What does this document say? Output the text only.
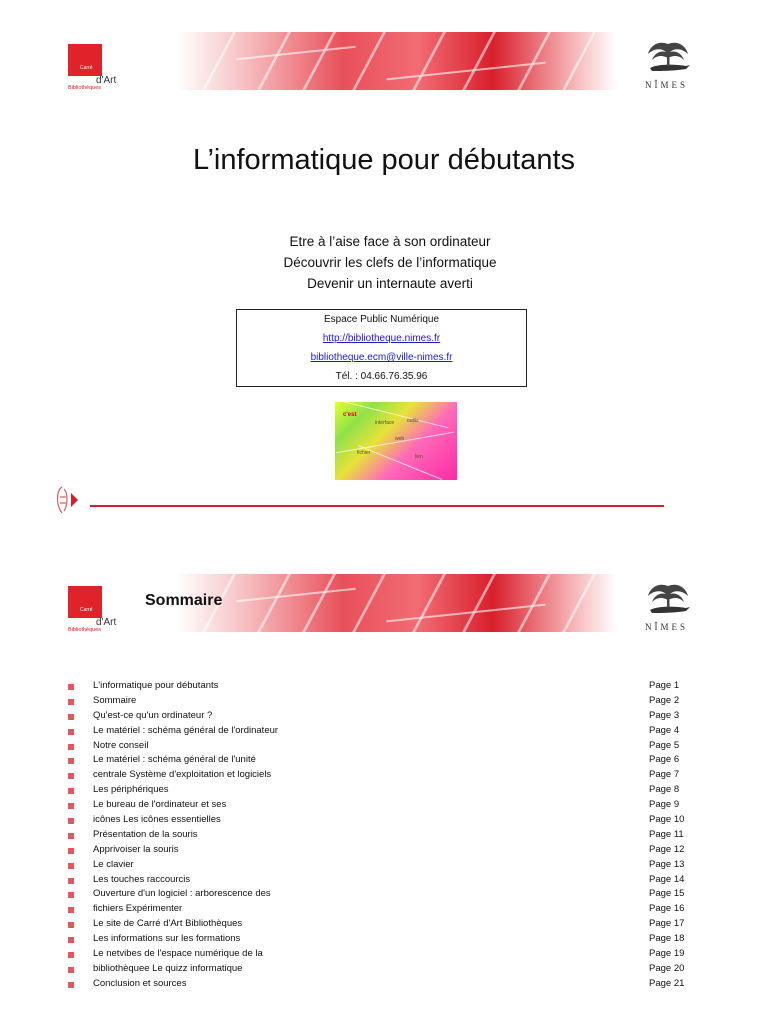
Carré
d'Art
Bibliothèques	NÎMES
L’informatique pour débutants
Etre à l’aise face à son ordinateur
Découvrir les clefs de l’informatique
Devenir un internaute averti
Espace Public Numérique
http://bibliotheque.nimes.fr
bibliotheque.ecm@ville-nimes.fr
Tél. : 04.66.76.35.96
c'est
interface	outils
web
fichier
lien
Carré
d'Art
Bibliothèques
Sommaire
NÎMES
L'informatique pour débutants	Page 1
Sommaire	Page 2
Qu'est-ce qu'un ordinateur ?	Page 3
Le matériel : schéma général de l'ordinateur	Page 4
Notre conseil	Page 5
Le matériel : schéma général de l'unité	Page 6
centrale Système d'exploitation et logiciels	Page 7
Les périphériques	Page 8
Le bureau de l'ordinateur et ses	Page 9
icônes Les icônes essentielles	Page 10
Présentation de la souris	Page 11
Apprivoiser la souris	Page 12
Le clavier	Page 13
Les touches raccourcis	Page 14
Ouverture d'un logiciel : arborescence des	Page 15
fichiers Expérimenter	Page 16
Le site de Carré d'Art Bibliothèques	Page 17
Les informations sur les formations	Page 18
Le netvibes de l'espace numérique de la	Page 19
bibliothèquee Le quizz informatique	Page 20
Conclusion et sources	Page 21
